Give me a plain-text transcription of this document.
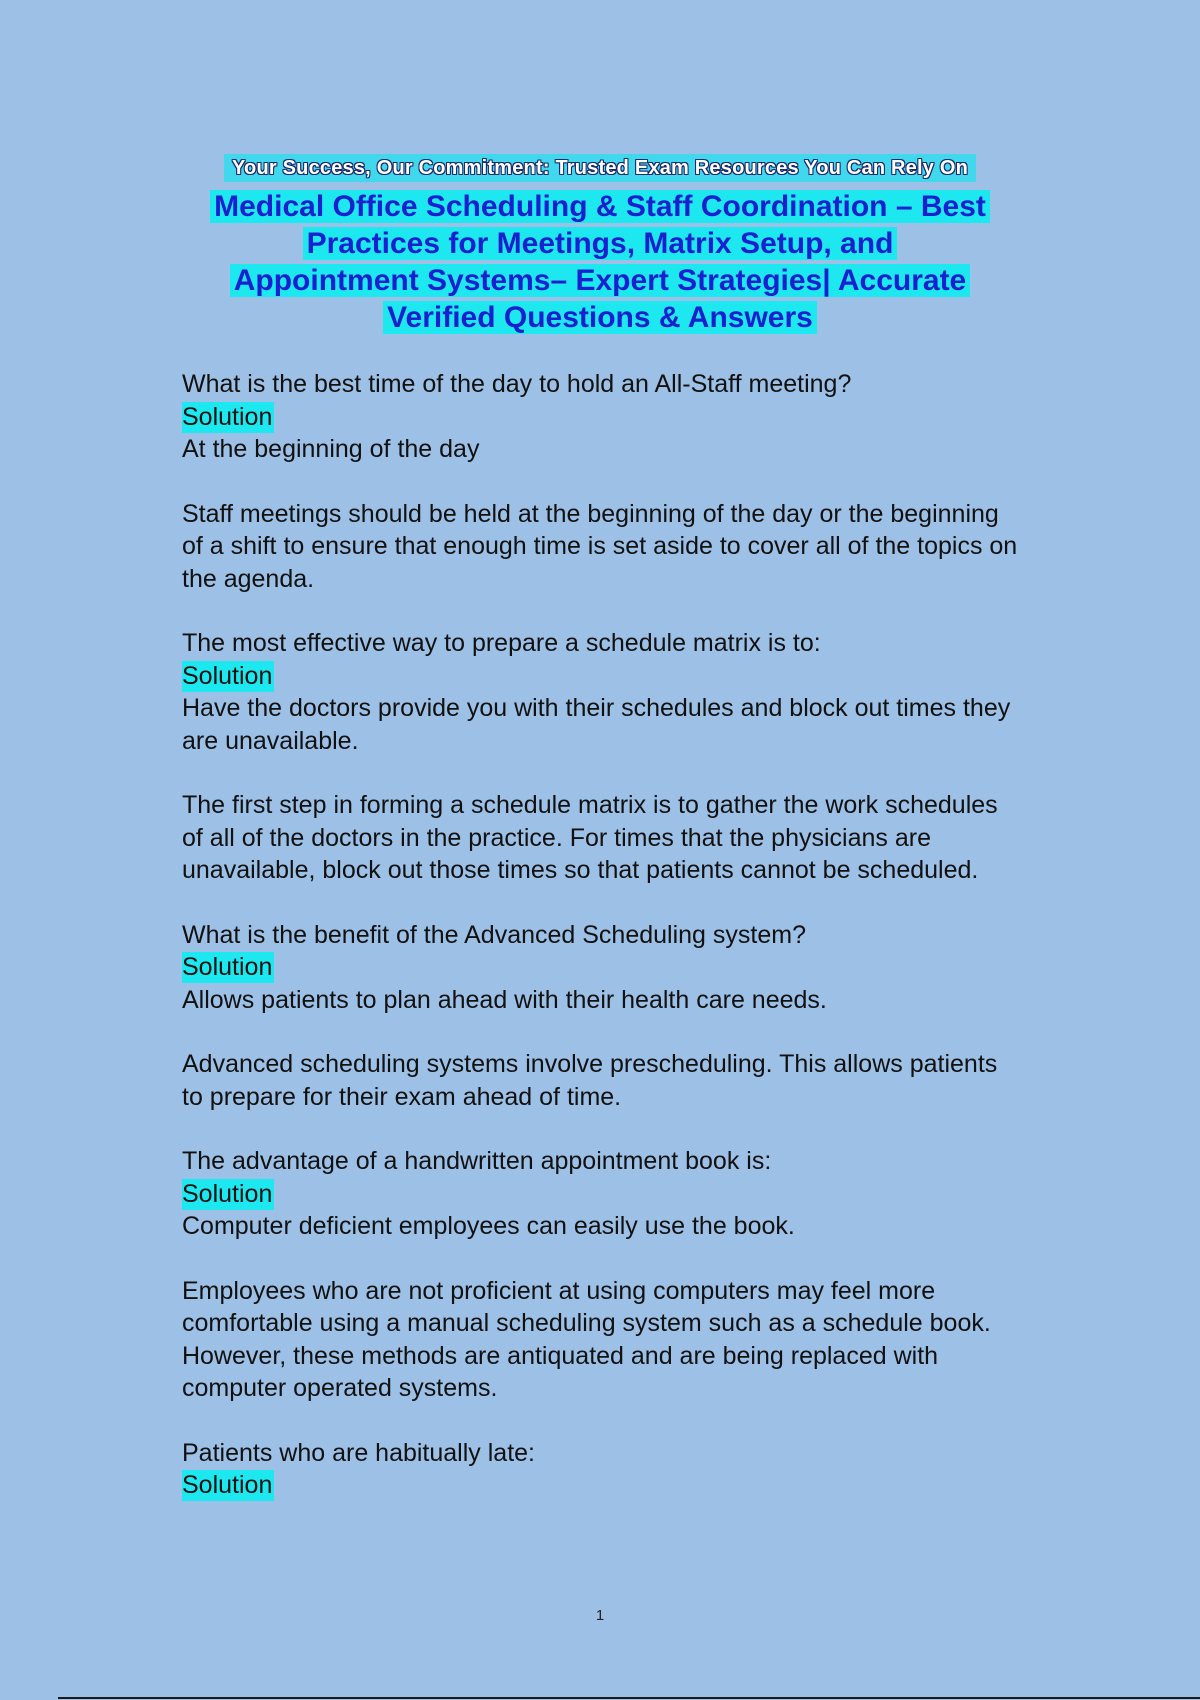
Your Success, Our Commitment: Trusted Exam Resources You Can Rely On
Medical Office Scheduling & Staff Coordination – Best
Practices for Meetings, Matrix Setup, and
Appointment Systems– Expert Strategies| Accurate
Verified Questions & Answers

What is the best time of the day to hold an All-Staff meeting?

Solution

At the beginning of the day

Staff meetings should be held at the beginning of the day or the beginning of a shift to ensure that enough time is set aside to cover all of the topics on the agenda.

The most effective way to prepare a schedule matrix is to:

Solution

Have the doctors provide you with their schedules and block out times they are unavailable.

The first step in forming a schedule matrix is to gather the work schedules of all of the doctors in the practice. For times that the physicians are unavailable, block out those times so that patients cannot be scheduled.

What is the benefit of the Advanced Scheduling system?

Solution

Allows patients to plan ahead with their health care needs.

Advanced scheduling systems involve prescheduling. This allows patients to prepare for their exam ahead of time.

The advantage of a handwritten appointment book is:

Solution

Computer deficient employees can easily use the book.

Employees who are not proficient at using computers may feel more comfortable using a manual scheduling system such as a schedule book. However, these methods are antiquated and are being replaced with computer operated systems.

Patients who are habitually late:

Solution

1
